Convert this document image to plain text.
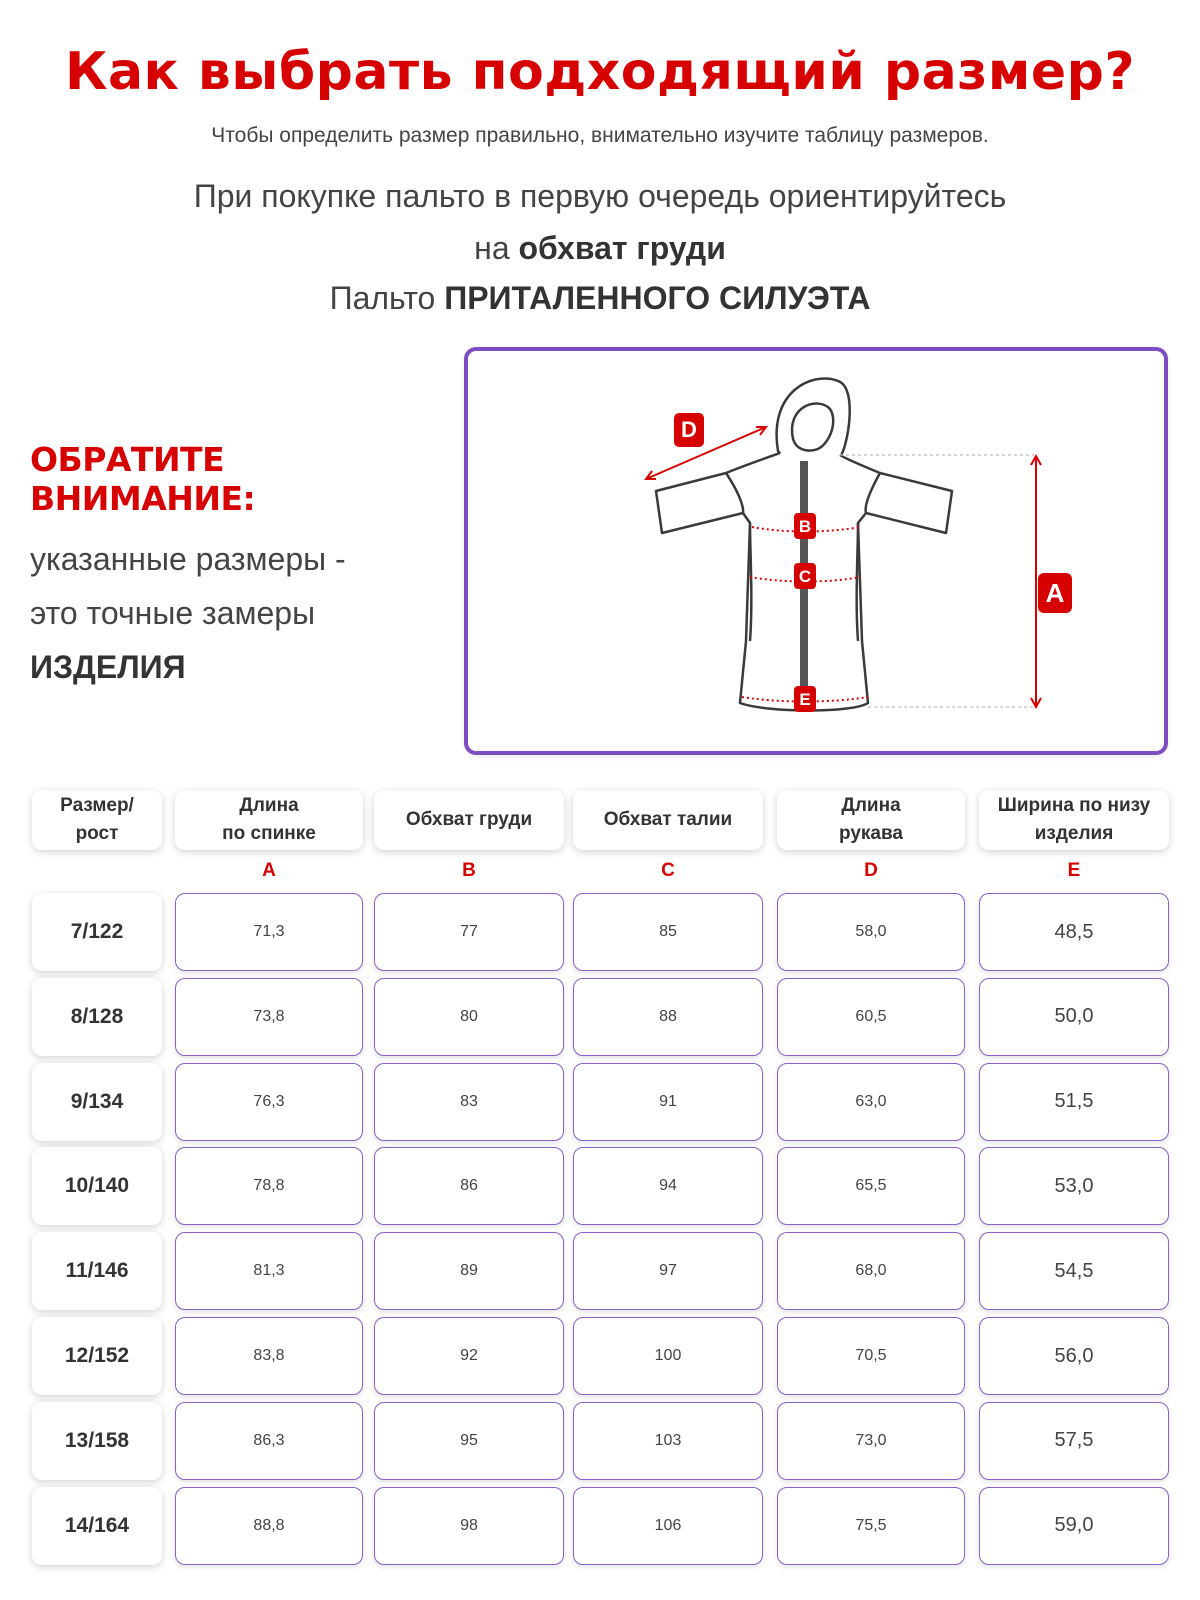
Как выбрать подходящий размер?
Чтобы определить размер правильно, внимательно изучите таблицу размеров.
При покупке пальто в первую очередь ориентируйтесь
на обхват груди
Пальто ПРИТАЛЕННОГО СИЛУЭТА
ОБРАТИТЕ ВНИМАНИЕ:
указанные размеры -
это точные замеры
ИЗДЕЛИЯ
D
A
B
C
E
Размер/
рост
Длина
по спинке
A
Обхват груди
B
Обхват талии
C
Длина
рукава
D
Ширина по низу
изделия
E
7/122	71,3	77	85	58,0	48,5
8/128	73,8	80	88	60,5	50,0
9/134	76,3	83	91	63,0	51,5
10/140	78,8	86	94	65,5	53,0
11/146	81,3	89	97	68,0	54,5
12/152	83,8	92	100	70,5	56,0
13/158	86,3	95	103	73,0	57,5
14/164	88,8	98	106	75,5	59,0
